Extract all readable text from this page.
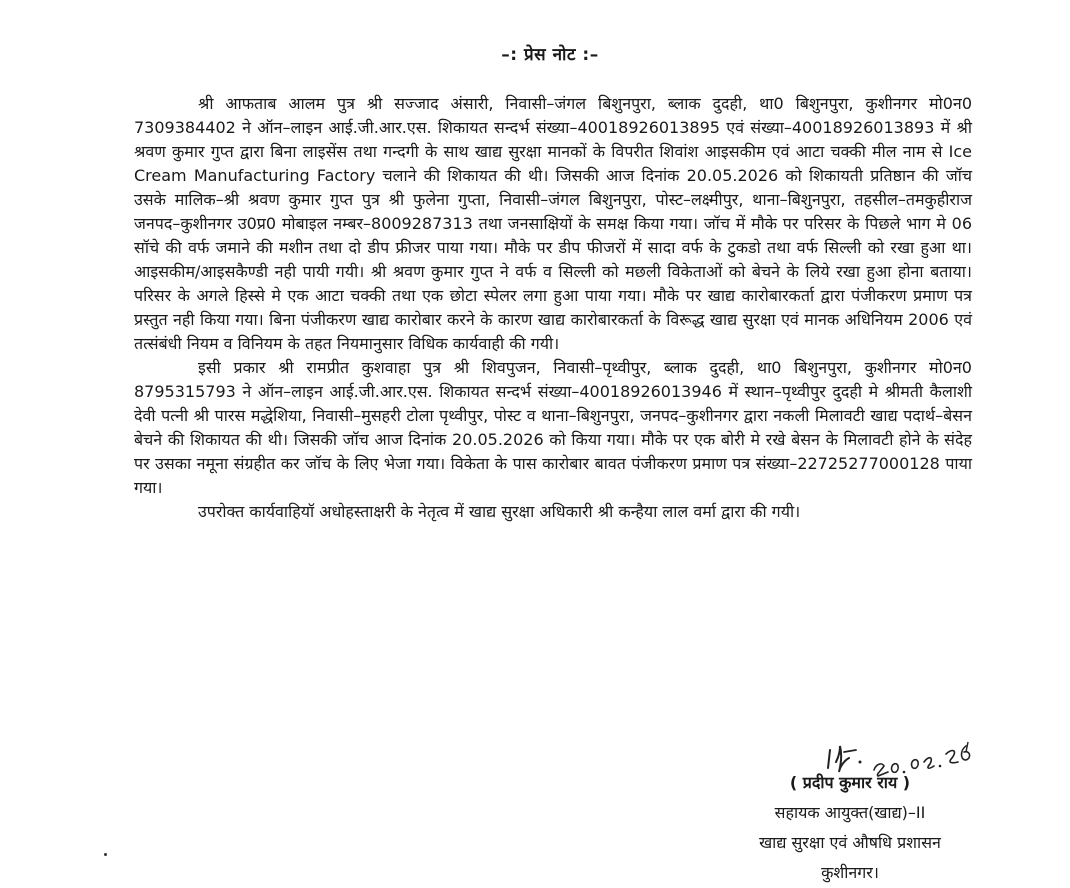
–: प्रेस नोट :–

श्री आफताब आलम पुत्र श्री सज्जाद अंसारी, निवासी–जंगल बिशुनपुरा, ब्लाक दुदही, था0 बिशुनपुरा, कुशीनगर मो0न0 7309384402 ने ऑन–लाइन आई.जी.आर.एस. शिकायत सन्दर्भ संख्या–40018926013895 एवं संख्या–40018926013893 में श्री श्रवण कुमार गुप्त द्वारा बिना लाइसेंस तथा गन्दगी के साथ खाद्य सुरक्षा मानकों के विपरीत शिवांश आइसकीम एवं आटा चक्की मील नाम से Ice Cream Manufacturing Factory चलाने की शिकायत की थी। जिसकी आज दिनांक 20.05.2026 को शिकायती प्रतिष्ठान की जॉच उसके मालिक–श्री श्रवण कुमार गुप्त पुत्र श्री फुलेना गुप्ता, निवासी–जंगल बिशुनपुरा, पोस्ट–लक्ष्मीपुर, थाना–बिशुनपुरा, तहसील–तमकुहीराज जनपद–कुशीनगर उ0प्र0 मोबाइल नम्बर–8009287313 तथा जनसाक्षियों के समक्ष किया गया। जॉच में मौके पर परिसर के पिछले भाग मे 06 सॉचे की वर्फ जमाने की मशीन तथा दो डीप फ्रीजर पाया गया। मौके पर डीप फीजरों में सादा वर्फ के टुकडो तथा वर्फ सिल्ली को रखा हुआ था। आइसकीम/आइसकैण्डी नही पायी गयी। श्री श्रवण कुमार गुप्त ने वर्फ व सिल्ली को मछली विकेताओं को बेचने के लिये रखा हुआ होना बताया। परिसर के अगले हिस्से मे एक आटा चक्की तथा एक छोटा स्पेलर लगा हुआ पाया गया। मौके पर खाद्य कारोबारकर्ता द्वारा पंजीकरण प्रमाण पत्र प्रस्तुत नही किया गया। बिना पंजीकरण खाद्य कारोबार करने के कारण खाद्य कारोबारकर्ता के विरूद्ध खाद्य सुरक्षा एवं मानक अधिनियम 2006 एवं तत्संबंधी नियम व विनियम के तहत नियमानुसार विधिक कार्यवाही की गयी।

इसी प्रकार श्री रामप्रीत कुशवाहा पुत्र श्री शिवपुजन, निवासी–पृथ्वीपुर, ब्लाक दुदही, था0 बिशुनपुरा, कुशीनगर मो0न0 8795315793 ने ऑन–लाइन आई.जी.आर.एस. शिकायत सन्दर्भ संख्या–40018926013946 में स्थान–पृथ्वीपुर दुदही मे श्रीमती कैलाशी देवी पत्नी श्री पारस मद्धेशिया, निवासी–मुसहरी टोला पृथ्वीपुर, पोस्ट व थाना–बिशुनपुरा, जनपद–कुशीनगर द्वारा नकली मिलावटी खाद्य पदार्थ–बेसन बेचने की शिकायत की थी। जिसकी जॉच आज दिनांक 20.05.2026 को किया गया। मौके पर एक बोरी मे रखे बेसन के मिलावटी होने के संदेह पर उसका नमूना संग्रहीत कर जॉच के लिए भेजा गया। विकेता के पास कारोबार बावत पंजीकरण प्रमाण पत्र संख्या–22725277000128 पाया गया।

उपरोक्त कार्यवाहियॉ अधोहस्ताक्षरी के नेतृत्व में खाद्य सुरक्षा अधिकारी श्री कन्हैया लाल वर्मा द्वारा की गयी।

( प्रदीप कुमार राय )
सहायक आयुक्त(खाद्य)–II
खाद्य सुरक्षा एवं औषधि प्रशासन
कुशीनगर।
